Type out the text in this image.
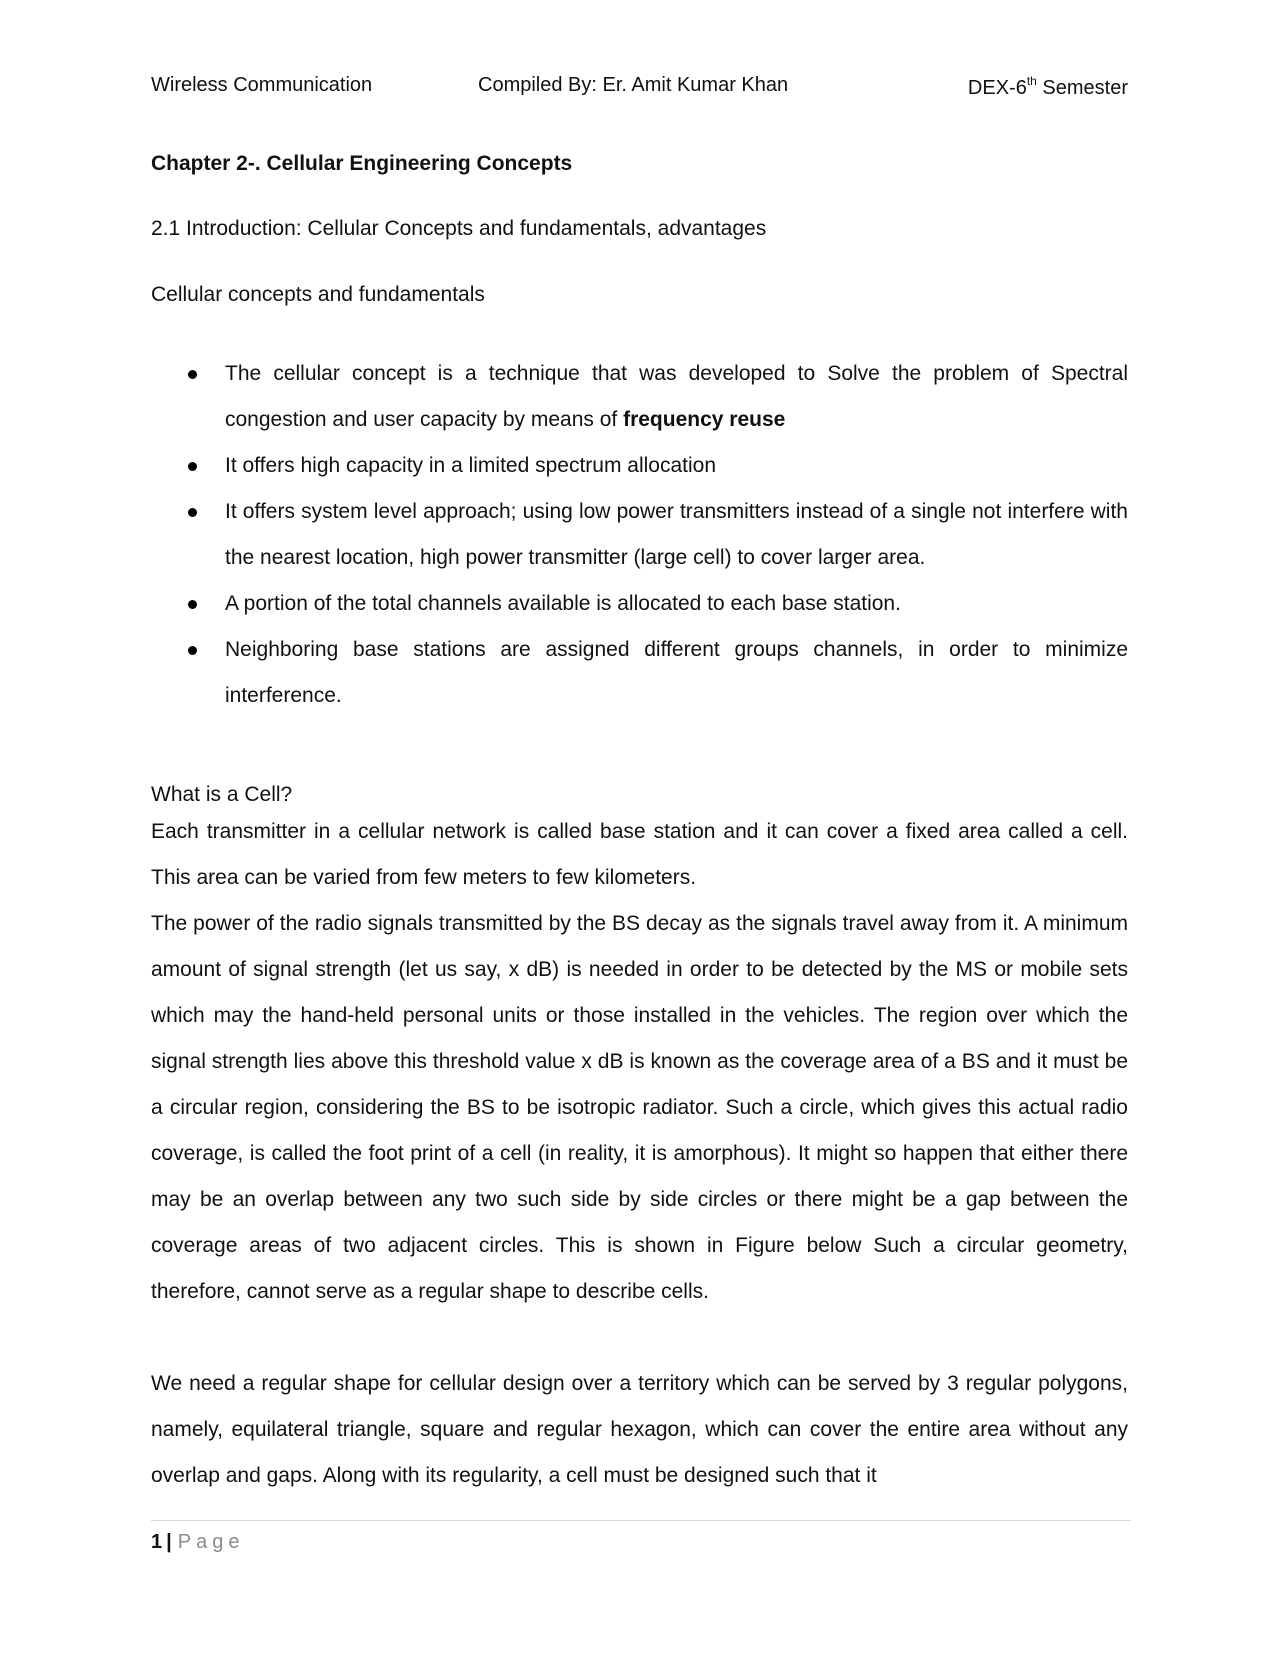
Wireless Communication	Compiled By: Er. Amit Kumar Khan	DEX-6th Semester
Chapter 2-. Cellular Engineering Concepts
2.1 Introduction: Cellular Concepts and fundamentals, advantages

Cellular concepts and fundamentals

The cellular concept is a technique that was developed to Solve the problem of Spectral congestion and user capacity by means of frequency reuse
It offers high capacity in a limited spectrum allocation
It offers system level approach; using low power transmitters instead of a single not interfere with the nearest location, high power transmitter (large cell) to cover larger area.
A portion of the total channels available is allocated to each base station.
Neighboring base stations are assigned different groups channels, in order to minimize interference.

What is a Cell?

Each transmitter in a cellular network is called base station and it can cover a fixed area called a cell. This area can be varied from few meters to few kilometers.

The power of the radio signals transmitted by the BS decay as the signals travel away from it. A minimum amount of signal strength (let us say, x dB) is needed in order to be detected by the MS or mobile sets which may the hand-held personal units or those installed in the vehicles. The region over which the signal strength lies above this threshold value x dB is known as the coverage area of a BS and it must be a circular region, considering the BS to be isotropic radiator. Such a circle, which gives this actual radio coverage, is called the foot print of a cell (in reality, it is amorphous). It might so happen that either there may be an overlap between any two such side by side circles or there might be a gap between the coverage areas of two adjacent circles. This is shown in Figure below Such a circular geometry, therefore, cannot serve as a regular shape to describe cells.

We need a regular shape for cellular design over a territory which can be served by 3 regular polygons, namely, equilateral triangle, square and regular hexagon, which can cover the entire area without any overlap and gaps. Along with its regularity, a cell must be designed such that it

1 | Page
